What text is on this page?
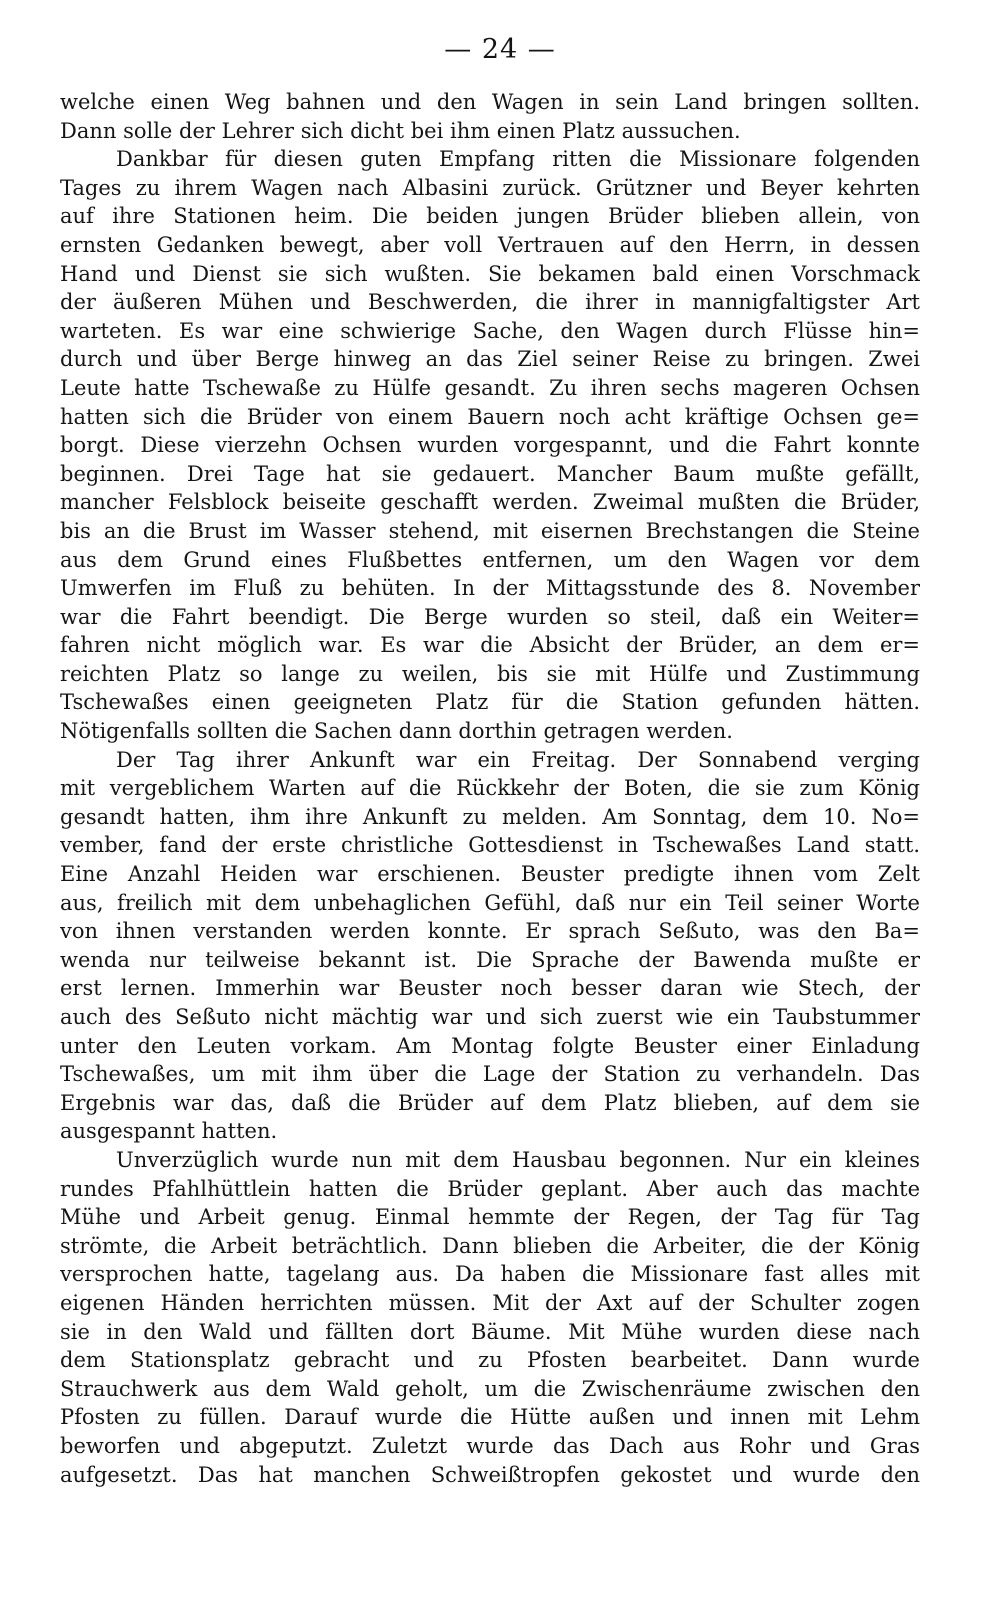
— 24 —
welche einen Weg bahnen und den Wagen in sein Land bringen sollten.
Dann solle der Lehrer sich dicht bei ihm einen Platz aussuchen.
Dankbar für diesen guten Empfang ritten die Missionare folgenden
Tages zu ihrem Wagen nach Albasini zurück. Grützner und Beyer kehrten
auf ihre Stationen heim. Die beiden jungen Brüder blieben allein, von
ernsten Gedanken bewegt, aber voll Vertrauen auf den Herrn, in dessen
Hand und Dienst sie sich wußten. Sie bekamen bald einen Vorschmack
der äußeren Mühen und Beschwerden, die ihrer in mannigfaltigster Art
warteten. Es war eine schwierige Sache, den Wagen durch Flüsse hin=
durch und über Berge hinweg an das Ziel seiner Reise zu bringen. Zwei
Leute hatte Tschewaße zu Hülfe gesandt. Zu ihren sechs mageren Ochsen
hatten sich die Brüder von einem Bauern noch acht kräftige Ochsen ge=
borgt. Diese vierzehn Ochsen wurden vorgespannt, und die Fahrt konnte
beginnen. Drei Tage hat sie gedauert. Mancher Baum mußte gefällt,
mancher Felsblock beiseite geschafft werden. Zweimal mußten die Brüder,
bis an die Brust im Wasser stehend, mit eisernen Brechstangen die Steine
aus dem Grund eines Flußbettes entfernen, um den Wagen vor dem
Umwerfen im Fluß zu behüten. In der Mittagsstunde des 8. November
war die Fahrt beendigt. Die Berge wurden so steil, daß ein Weiter=
fahren nicht möglich war. Es war die Absicht der Brüder, an dem er=
reichten Platz so lange zu weilen, bis sie mit Hülfe und Zustimmung
Tschewaßes einen geeigneten Platz für die Station gefunden hätten.
Nötigenfalls sollten die Sachen dann dorthin getragen werden.
Der Tag ihrer Ankunft war ein Freitag. Der Sonnabend verging
mit vergeblichem Warten auf die Rückkehr der Boten, die sie zum König
gesandt hatten, ihm ihre Ankunft zu melden. Am Sonntag, dem 10. No=
vember, fand der erste christliche Gottesdienst in Tschewaßes Land statt.
Eine Anzahl Heiden war erschienen. Beuster predigte ihnen vom Zelt
aus, freilich mit dem unbehaglichen Gefühl, daß nur ein Teil seiner Worte
von ihnen verstanden werden konnte. Er sprach Seßuto, was den Ba=
wenda nur teilweise bekannt ist. Die Sprache der Bawenda mußte er
erst lernen. Immerhin war Beuster noch besser daran wie Stech, der
auch des Seßuto nicht mächtig war und sich zuerst wie ein Taubstummer
unter den Leuten vorkam. Am Montag folgte Beuster einer Einladung
Tschewaßes, um mit ihm über die Lage der Station zu verhandeln. Das
Ergebnis war das, daß die Brüder auf dem Platz blieben, auf dem sie
ausgespannt hatten.
Unverzüglich wurde nun mit dem Hausbau begonnen. Nur ein kleines
rundes Pfahlhüttlein hatten die Brüder geplant. Aber auch das machte
Mühe und Arbeit genug. Einmal hemmte der Regen, der Tag für Tag
strömte, die Arbeit beträchtlich. Dann blieben die Arbeiter, die der König
versprochen hatte, tagelang aus. Da haben die Missionare fast alles mit
eigenen Händen herrichten müssen. Mit der Axt auf der Schulter zogen
sie in den Wald und fällten dort Bäume. Mit Mühe wurden diese nach
dem Stationsplatz gebracht und zu Pfosten bearbeitet. Dann wurde
Strauchwerk aus dem Wald geholt, um die Zwischenräume zwischen den
Pfosten zu füllen. Darauf wurde die Hütte außen und innen mit Lehm
beworfen und abgeputzt. Zuletzt wurde das Dach aus Rohr und Gras
aufgesetzt. Das hat manchen Schweißtropfen gekostet und wurde den
